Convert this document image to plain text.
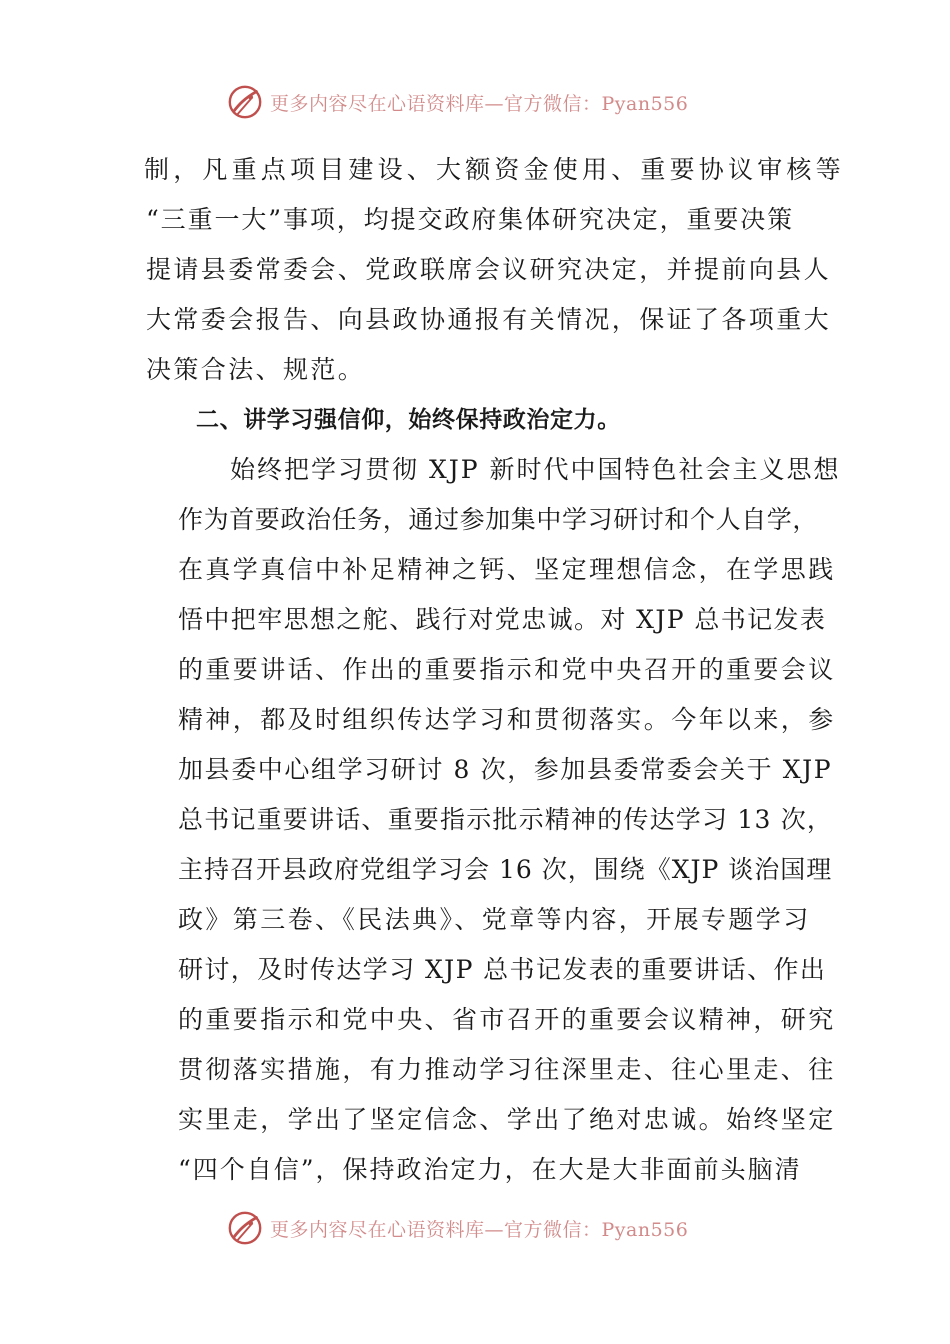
更多内容尽在心语资料库—官方微信：Pyan556
制，凡重点项目建设、大额资金使用、重要协议审核等
“三重一大”事项，均提交政府集体研究决定，重要决策
提请县委常委会、党政联席会议研究决定，并提前向县人
大常委会报告、向县政协通报有关情况，保证了各项重大
决策合法、规范。
二、讲学习强信仰，始终保持政治定力。
始终把学习贯彻 XJP 新时代中国特色社会主义思想
作为首要政治任务，通过参加集中学习研讨和个人自学，
在真学真信中补足精神之钙、坚定理想信念，在学思践
悟中把牢思想之舵、践行对党忠诚。对 XJP 总书记发表
的重要讲话、作出的重要指示和党中央召开的重要会议
精神，都及时组织传达学习和贯彻落实。今年以来，参
加县委中心组学习研讨 8 次，参加县委常委会关于 XJP
总书记重要讲话、重要指示批示精神的传达学习 13 次，
主持召开县政府党组学习会 16 次，围绕《XJP 谈治国理
政》第三卷、《民法典》、党章等内容，开展专题学习
研讨，及时传达学习 XJP 总书记发表的重要讲话、作出
的重要指示和党中央、省市召开的重要会议精神，研究
贯彻落实措施，有力推动学习往深里走、往心里走、往
实里走，学出了坚定信念、学出了绝对忠诚。始终坚定
“四个自信”，保持政治定力，在大是大非面前头脑清
更多内容尽在心语资料库—官方微信：Pyan556
